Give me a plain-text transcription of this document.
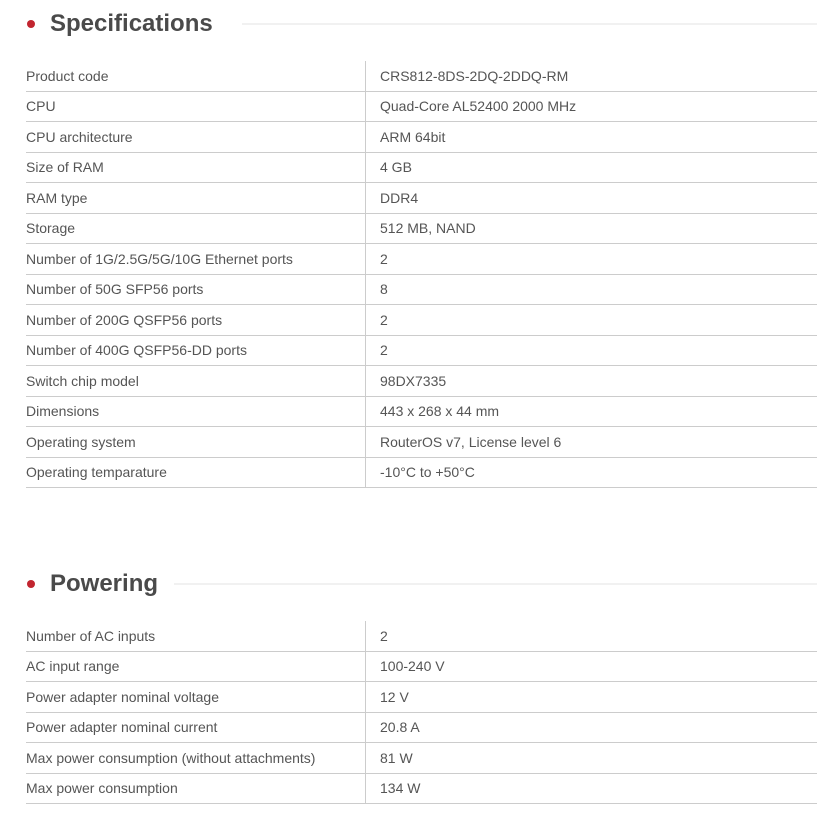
Specifications
Product code	CRS812-8DS-2DQ-2DDQ-RM
CPU	Quad-Core AL52400 2000 MHz
CPU architecture	ARM 64bit
Size of RAM	4 GB
RAM type	DDR4
Storage	512 MB, NAND
Number of 1G/2.5G/5G/10G Ethernet ports	2
Number of 50G SFP56 ports	8
Number of 200G QSFP56 ports	2
Number of 400G QSFP56-DD ports	2
Switch chip model	98DX7335
Dimensions	443 x 268 x 44 mm
Operating system	RouterOS v7, License level 6
Operating temparature	-10°C to +50°C
Powering
Number of AC inputs	2
AC input range	100-240 V
Power adapter nominal voltage	12 V
Power adapter nominal current	20.8 A
Max power consumption (without attachments)	81 W
Max power consumption	134 W
